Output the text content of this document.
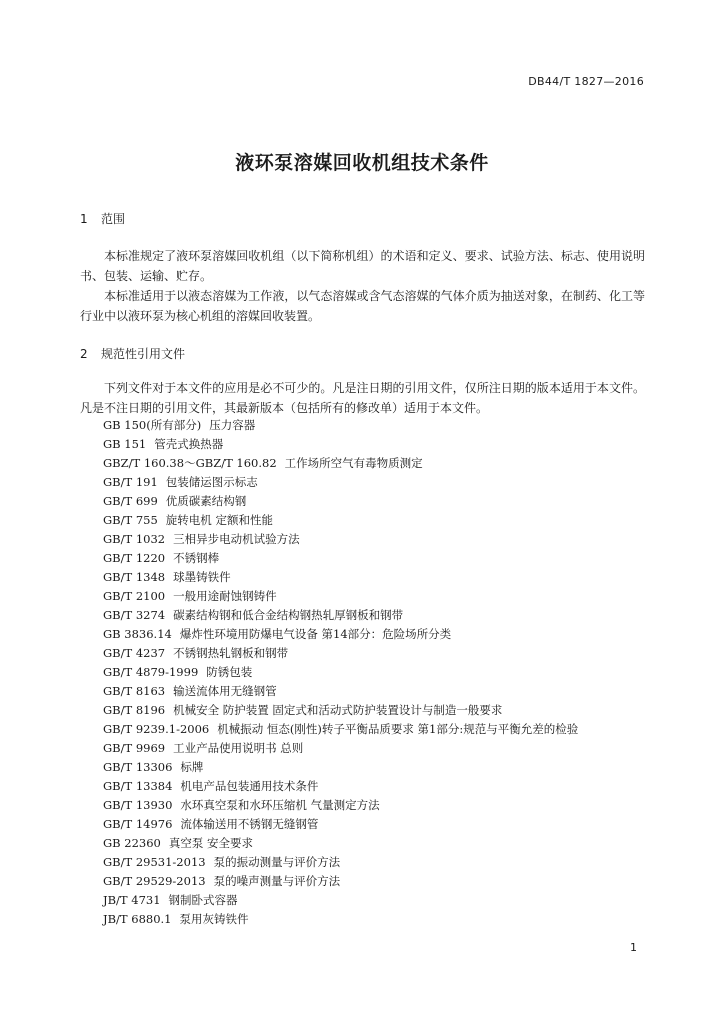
DB44/T 1827—2016
液环泵溶媒回收机组技术条件
1 范围
本标准规定了液环泵溶媒回收机组（以下简称机组）的术语和定义、要求、试验方法、标志、使用说明书、包装、运输、贮存。
本标准适用于以液态溶媒为工作液，以气态溶媒或含气态溶媒的气体介质为抽送对象，在制药、化工等行业中以液环泵为核心机组的溶媒回收装置。
2 规范性引用文件
下列文件对于本文件的应用是必不可少的。凡是注日期的引用文件，仅所注日期的版本适用于本文件。凡是不注日期的引用文件，其最新版本（包括所有的修改单）适用于本文件。
GB 150(所有部分) 压力容器
GB 151 管壳式换热器
GBZ/T 160.38～GBZ/T 160.82 工作场所空气有毒物质测定
GB/T 191 包装储运图示标志
GB/T 699 优质碳素结构钢
GB/T 755 旋转电机 定额和性能
GB/T 1032 三相异步电动机试验方法
GB/T 1220 不锈钢棒
GB/T 1348 球墨铸铁件
GB/T 2100 一般用途耐蚀钢铸件
GB/T 3274 碳素结构钢和低合金结构钢热轧厚钢板和钢带
GB 3836.14 爆炸性环境用防爆电气设备 第14部分：危险场所分类
GB/T 4237 不锈钢热轧钢板和钢带
GB/T 4879-1999 防锈包装
GB/T 8163 输送流体用无缝钢管
GB/T 8196 机械安全 防护装置 固定式和活动式防护装置设计与制造一般要求
GB/T 9239.1-2006 机械振动 恒态(刚性)转子平衡品质要求 第1部分:规范与平衡允差的检验
GB/T 9969 工业产品使用说明书 总则
GB/T 13306 标牌
GB/T 13384 机电产品包装通用技术条件
GB/T 13930 水环真空泵和水环压缩机 气量测定方法
GB/T 14976 流体输送用不锈钢无缝钢管
GB 22360 真空泵 安全要求
GB/T 29531-2013 泵的振动测量与评价方法
GB/T 29529-2013 泵的噪声测量与评价方法
JB/T 4731 钢制卧式容器
JB/T 6880.1 泵用灰铸铁件
1
